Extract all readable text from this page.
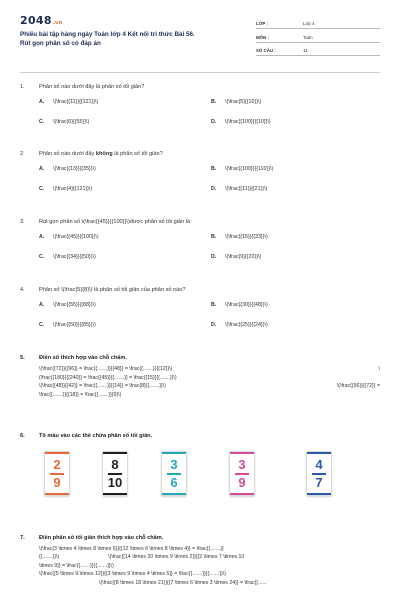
2048.vn
Phiếu bài tập hàng ngày Toán lớp 4 Kết nối tri thức Bài 56.
Rút gọn phân số có đáp án
LỚP :	Lớp 4
MÔN :	Toán
SỐ CÂU :	11
1.	Phân số nào dưới đây là phân số tối giản?
A. \(\frac{{11}}{{121}}\)	B. \(\frac{5}{{10}}\)
C. \(\frac{6}{{55}}\)	D. \(\frac{{100}}{{10}}\)
2.	Phân số nào dưới đây không là phân số tối giản?
A. \(\frac{{13}}{{35}}\)	B. \(\frac{{100}}{{110}}\)
C. \(\frac{4}{{121}}\)	D. \(\frac{{11}}{{21}}\)
3.	Rút gọn phân số \(\frac{{45}}{{100}}\)được phân số tối giản là:
A. \(\frac{{45}}{{100}}\)	B. \(\frac{{15}}{{33}}\)
C. \(\frac{{34}}{{50}}\)	D. \(\frac{9}{{20}}\)
4.	Phân số \(\frac{5}{8}\) là phân số tối giản của phân số nào?
A. \(\frac{{55}}{{88}}\)	B. \(\frac{{30}}{{48}}\)
C. \(\frac{{50}}{{85}}\)	D. \(\frac{{25}}{{24}}\)
5.	Điền số thích hợp vào chỗ chấm.
\(\frac{{72}}{{96}} = \frac{{.......}}{{48}} = \frac{{.......}}{{12}}\)	\
(\frac{{180}}{{240}} = \frac{{45}}{{.......}} = \frac{{15}}{{.......}}\)
\(\frac{{48}}{{42}} = \frac{{.......}}{{14}} = \frac{8}{{.......}}\)	\(\frac{{56}}{{72}} =
\frac{{.......}}{{18}} = \frac{{.......}}{9}\)
6.	Tô màu vào các thẻ chứa phân số tối giản.
2
9
8
10
3
6
3
9
4
7
7.	Điền phân số tối giản thích hợp vào chỗ chấm.
\(\frac{3 \times 4 \times 8 \times 6}}{{12 \times 6 \times 8 \times 4}} = \frac{{.......}}
{{.......}}\)                                  \(\frac{{14 \times 20 \times 9 \times 2}}{{2 \times 7 \times 10
\times 9}} = \frac{{.......}}{{.......}}\)
\(\frac{{5 \times 9 \times 12}}{{3 \times 9 \times 4 \times 5}} = \frac{{.......}}{{.......}}\)
\(\frac{{8 \times 18 \times 21}}{{7 \times 6 \times 3 \times 24}} = \frac{{......
